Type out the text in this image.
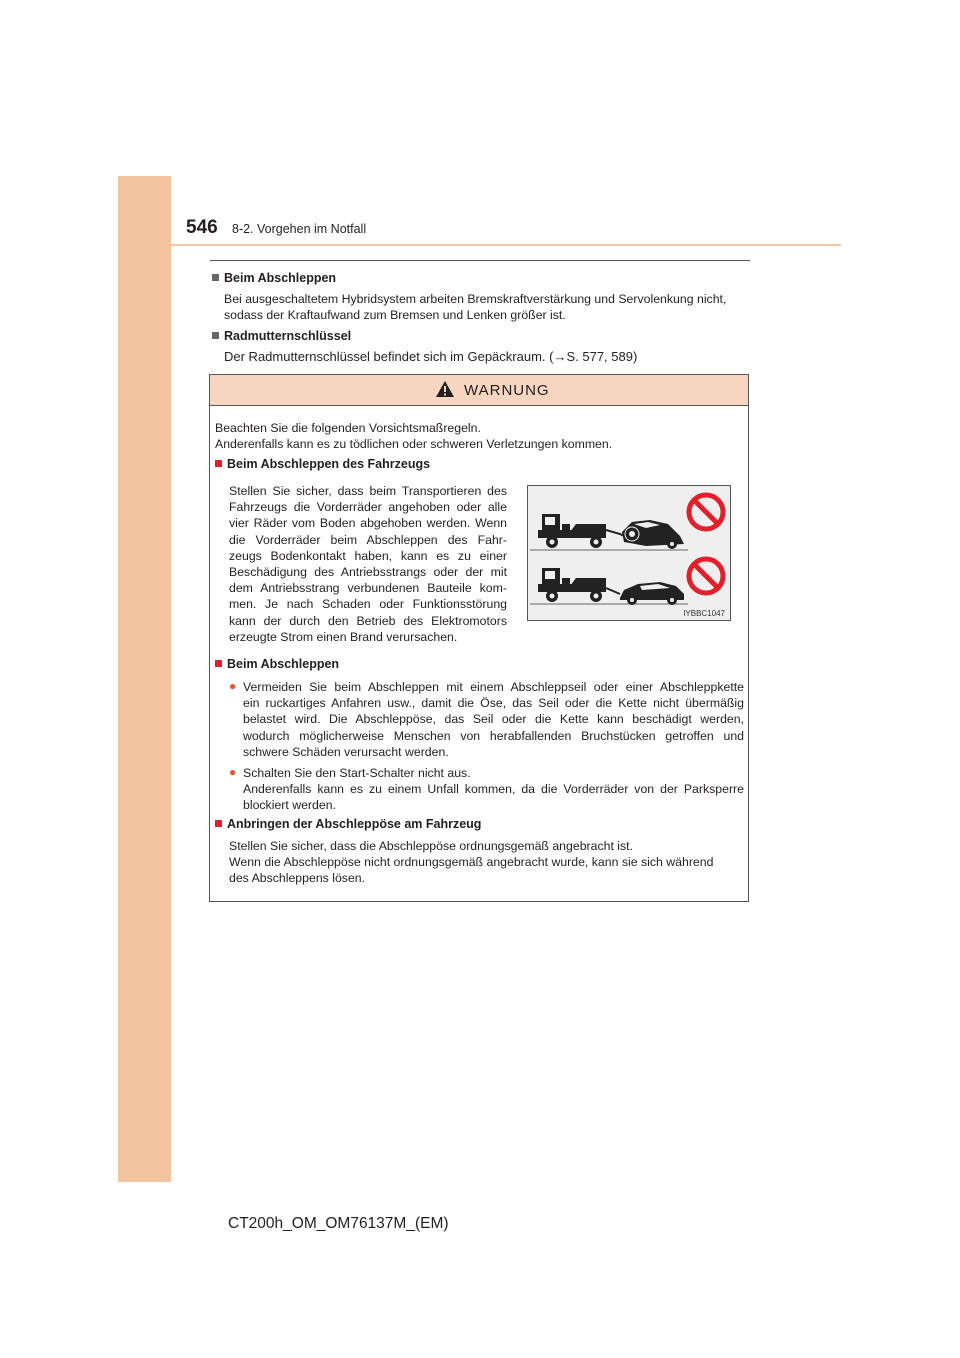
546 8-2. Vorgehen im Notfall
Beim Abschleppen
Bei ausgeschaltetem Hybridsystem arbeiten Bremskraftverstärkung und Servolenkung nicht,
sodass der Kraftaufwand zum Bremsen und Lenken größer ist.
Radmutternschlüssel
Der Radmutternschlüssel befindet sich im Gepäckraum. (→S. 577, 589)
WARNUNG
Beachten Sie die folgenden Vorsichtsmaßregeln.
Anderenfalls kann es zu tödlichen oder schweren Verletzungen kommen.
Beim Abschleppen des Fahrzeugs
Stellen Sie sicher, dass beim Transportieren des
Fahrzeugs die Vorderräder angehoben oder alle
vier Räder vom Boden abgehoben werden. Wenn
die Vorderräder beim Abschleppen des Fahr-
zeugs Bodenkontakt haben, kann es zu einer
Beschädigung des Antriebsstrangs oder der mit
dem Antriebsstrang verbundenen Bauteile kom-
men. Je nach Schaden oder Funktionsstörung
kann der durch den Betrieb des Elektromotors
erzeugte Strom einen Brand verursachen.
Beim Abschleppen
● Vermeiden Sie beim Abschleppen mit einem Abschleppseil oder einer Abschleppkette
ein ruckartiges Anfahren usw., damit die Öse, das Seil oder die Kette nicht übermäßig
belastet wird. Die Abschleppöse, das Seil oder die Kette kann beschädigt werden,
wodurch möglicherweise Menschen von herabfallenden Bruchstücken getroffen und
schwere Schäden verursacht werden.
● Schalten Sie den Start-Schalter nicht aus.
Anderenfalls kann es zu einem Unfall kommen, da die Vorderräder von der Parksperre
blockiert werden.
Anbringen der Abschleppöse am Fahrzeug
Stellen Sie sicher, dass die Abschleppöse ordnungsgemäß angebracht ist.
Wenn die Abschleppöse nicht ordnungsgemäß angebracht wurde, kann sie sich während
des Abschleppens lösen.
IYBBC1047
CT200h_OM_OM76137M_(EM)
